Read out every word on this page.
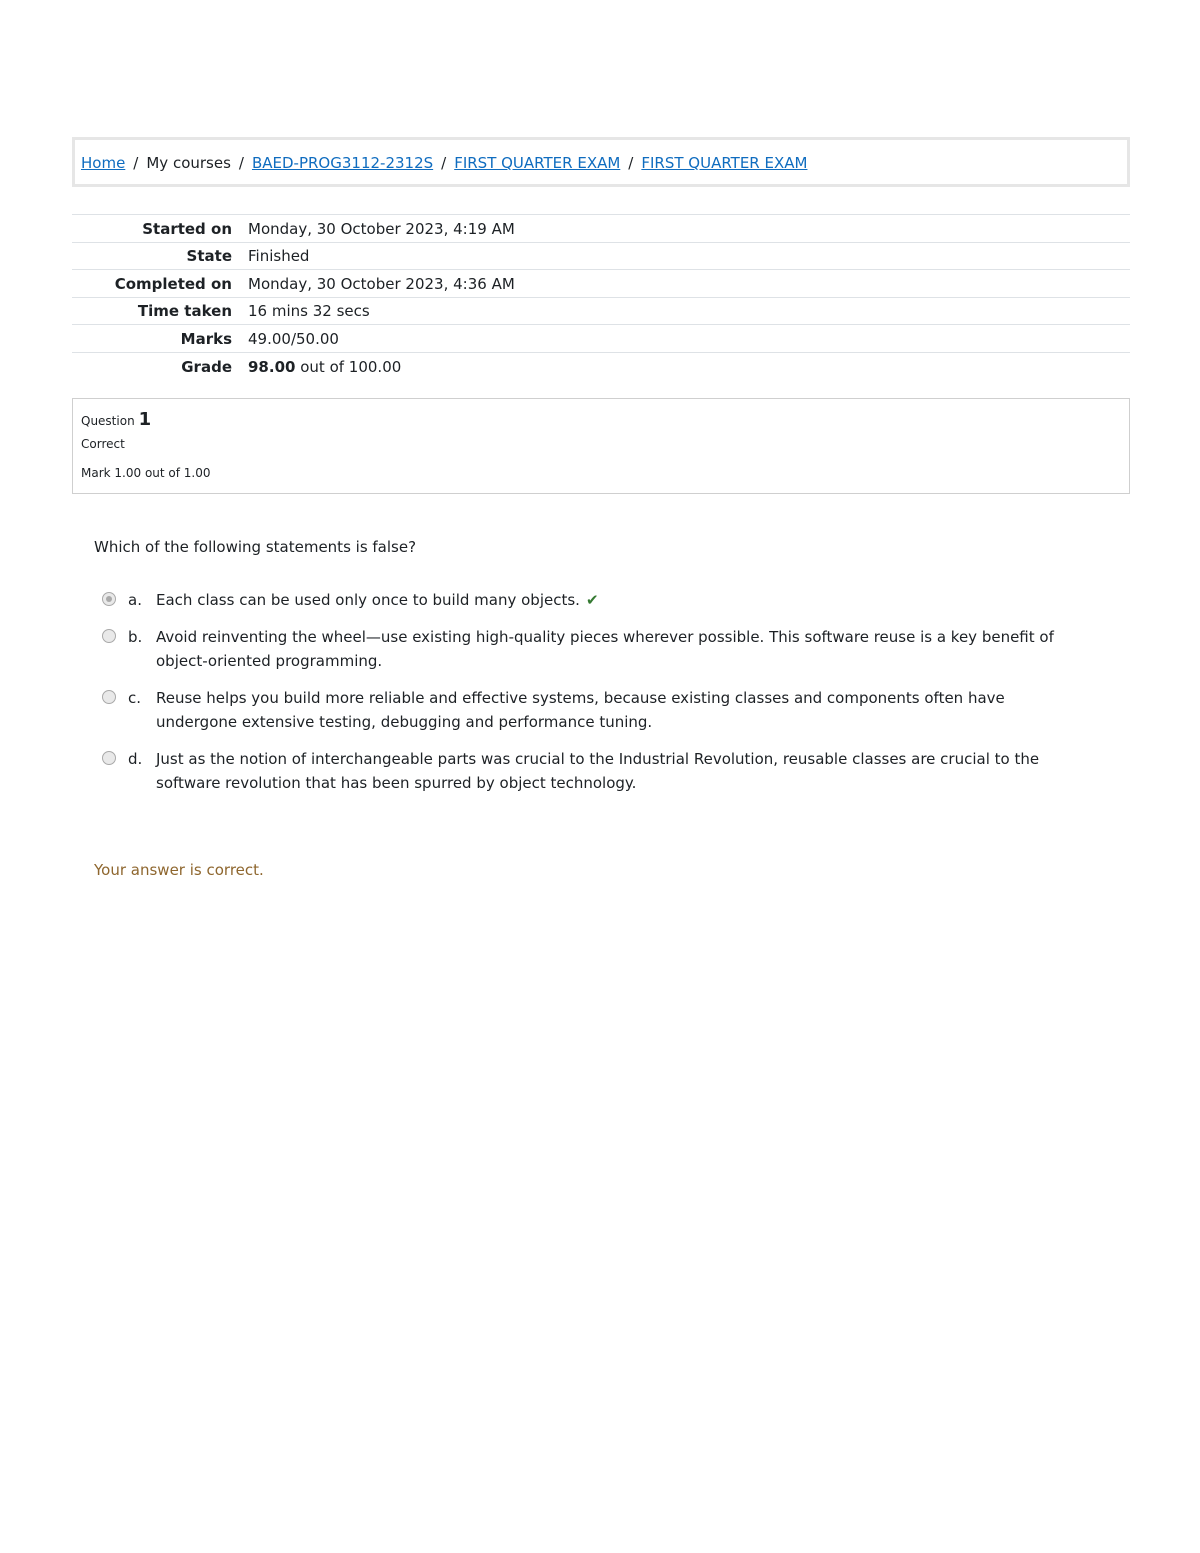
Home / My courses / BAED-PROG3112-2312S / FIRST QUARTER EXAM / FIRST QUARTER EXAM
Started on	Monday, 30 October 2023, 4:19 AM
State	Finished
Completed on	Monday, 30 October 2023, 4:36 AM
Time taken	16 mins 32 secs
Marks	49.00/50.00
Grade	98.00 out of 100.00
Question 1
Correct
Mark 1.00 out of 1.00
Which of the following statements is false?
a. Each class can be used only once to build many objects. ✔
b. Avoid reinventing the wheel—use existing high-quality pieces wherever possible. This software reuse is a key benefit of object-oriented programming.
c. Reuse helps you build more reliable and effective systems, because existing classes and components often have undergone extensive testing, debugging and performance tuning.
d. Just as the notion of interchangeable parts was crucial to the Industrial Revolution, reusable classes are crucial to the software revolution that has been spurred by object technology.
Your answer is correct.
